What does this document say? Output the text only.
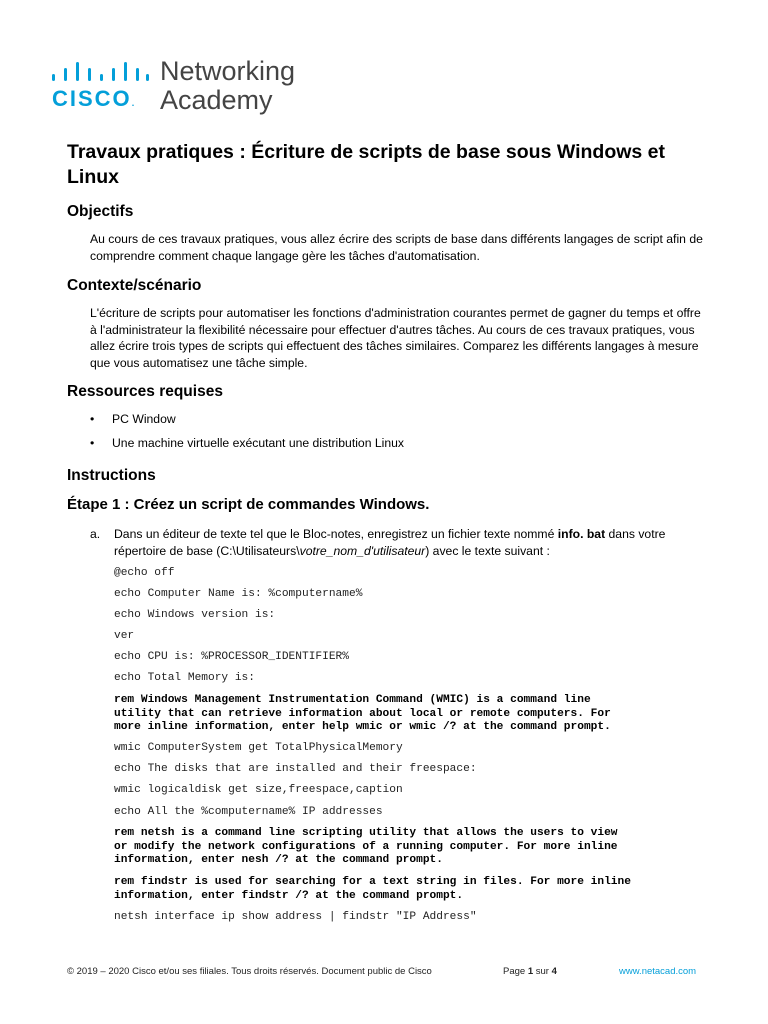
CISCO.
Networking
Academy
Travaux pratiques : Écriture de scripts de base sous Windows et Linux
Objectifs

Au cours de ces travaux pratiques, vous allez écrire des scripts de base dans différents langages de script afin de comprendre comment chaque langage gère les tâches d'automatisation.

Contexte/scénario

L'écriture de scripts pour automatiser les fonctions d'administration courantes permet de gagner du temps et offre à l'administrateur la flexibilité nécessaire pour effectuer d'autres tâches. Au cours de ces travaux pratiques, vous allez écrire trois types de scripts qui effectuent des tâches similaires. Comparez les différents langages à mesure que vous automatisez une tâche simple.

Ressources requises
• PC Window
• Une machine virtuelle exécutant une distribution Linux
Instructions
Étape 1 : Créez un script de commandes Windows.
a. Dans un éditeur de texte tel que le Bloc-notes, enregistrez un fichier texte nommé info. bat dans votre répertoire de base (C:\Utilisateurs\votre_nom_d'utilisateur) avec le texte suivant :
@echo off
echo Computer Name is: %computername%
echo Windows version is:
ver
echo CPU is: %PROCESSOR_IDENTIFIER%
echo Total Memory is:
rem Windows Management Instrumentation Command (WMIC) is a command line
utility that can retrieve information about local or remote computers. For
more inline information, enter help wmic or wmic /? at the command prompt.
wmic ComputerSystem get TotalPhysicalMemory
echo The disks that are installed and their freespace:
wmic logicaldisk get size,freespace,caption
echo All the %computername% IP addresses
rem netsh is a command line scripting utility that allows the users to view
or modify the network configurations of a running computer. For more inline
information, enter nesh /? at the command prompt.
rem findstr is used for searching for a text string in files. For more inline
information, enter findstr /? at the command prompt.
netsh interface ip show address | findstr "IP Address"
© 2019 – 2020 Cisco et/ou ses filiales. Tous droits réservés. Document public de Cisco	Page 1 sur 4	www.netacad.com
